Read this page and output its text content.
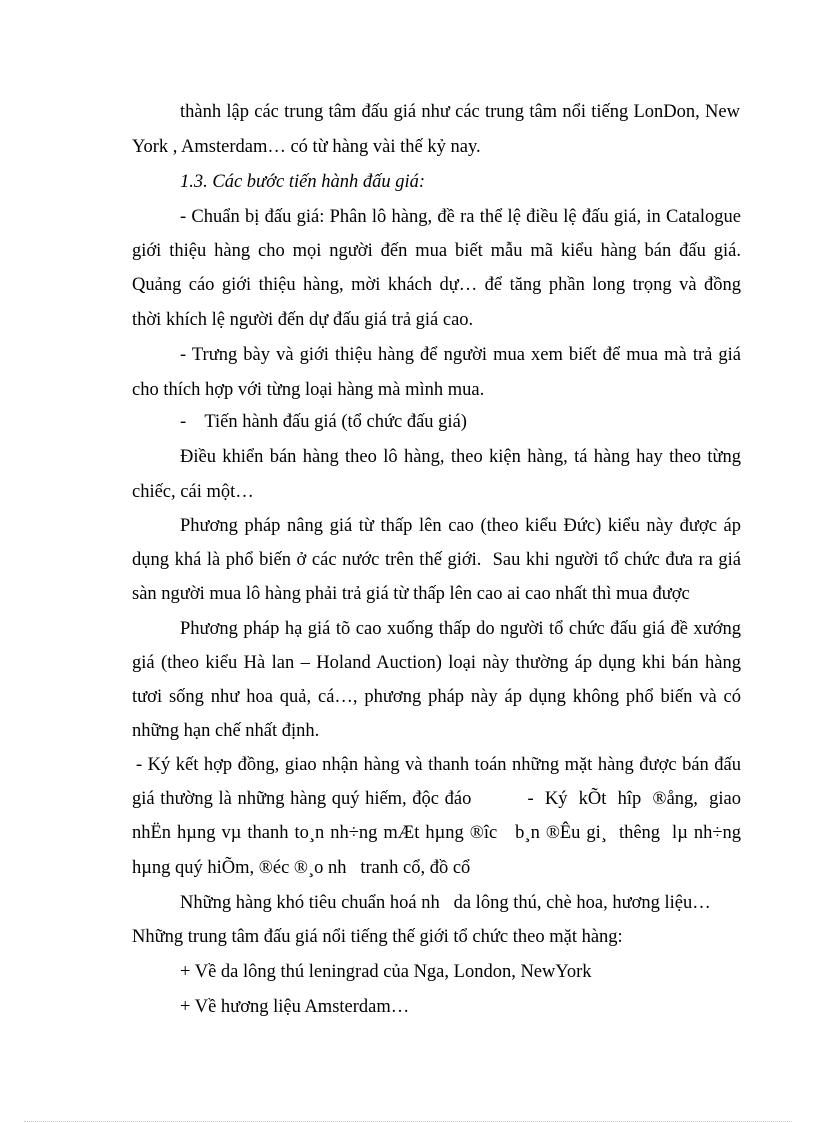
thành lập các trung tâm đấu giá như các trung tâm nổi tiếng LonDon, New
York , Amsterdam… có từ hàng vài thế kỷ nay.
1.3. Các bước tiến hành đấu giá:
- Chuẩn bị đấu giá: Phân lô hàng, đề ra thể lệ điều lệ đấu giá, in Catalogue
giới thiệu hàng cho mọi người đến mua biết mẫu mã kiểu hàng bán đấu giá.
Quảng cáo giới thiệu hàng, mời khách dự… để tăng phần long trọng và đồng
thời khích lệ người đến dự đấu giá trả giá cao.
- Trưng bày và giới thiệu hàng để người mua xem biết để mua mà trả giá
cho thích hợp với từng loại hàng mà mình mua.
-    Tiến hành đấu giá (tổ chức đấu giá)
Điều khiển bán hàng theo lô hàng, theo kiện hàng, tá hàng hay theo từng
chiếc, cái một…
Phương pháp nâng giá từ thấp lên cao (theo kiểu Đức) kiểu này được áp
dụng khá là phổ biến ở các nước trên thế giới.  Sau khi người tổ chức đưa ra giá
sàn người mua lô hàng phải trả giá từ thấp lên cao ai cao nhất thì mua được
Phương pháp hạ giá tõ cao xuống thấp do người tổ chức đấu giá đề xướng
giá (theo kiểu Hà lan – Holand Auction) loại này thường áp dụng khi bán hàng
tươi sống như hoa quả, cá…, phương pháp này áp dụng không phổ biến và có
những hạn chế nhất định.
- Ký kết hợp đồng, giao nhận hàng và thanh toán những mặt hàng được bán đấu
giá thường là những hàng quý hiếm, độc đáo          -  Ký  kÕt  hîp  ®ång,  giao
nhËn hµng vµ thanh to¸n nh÷ng mÆt hµng ®îc   b¸n ®Êu gi¸  thêng  lµ nh÷ng
hµng quý hiÕm, ®éc ®¸o nh   tranh cổ, đồ cổ
Những hàng khó tiêu chuẩn hoá nh   da lông thú, chè hoa, hương liệu…
Những trung tâm đấu giá nổi tiếng thế giới tổ chức theo mặt hàng:
+ Về da lông thú leningrad của Nga, London, NewYork
+ Về hương liệu Amsterdam…
